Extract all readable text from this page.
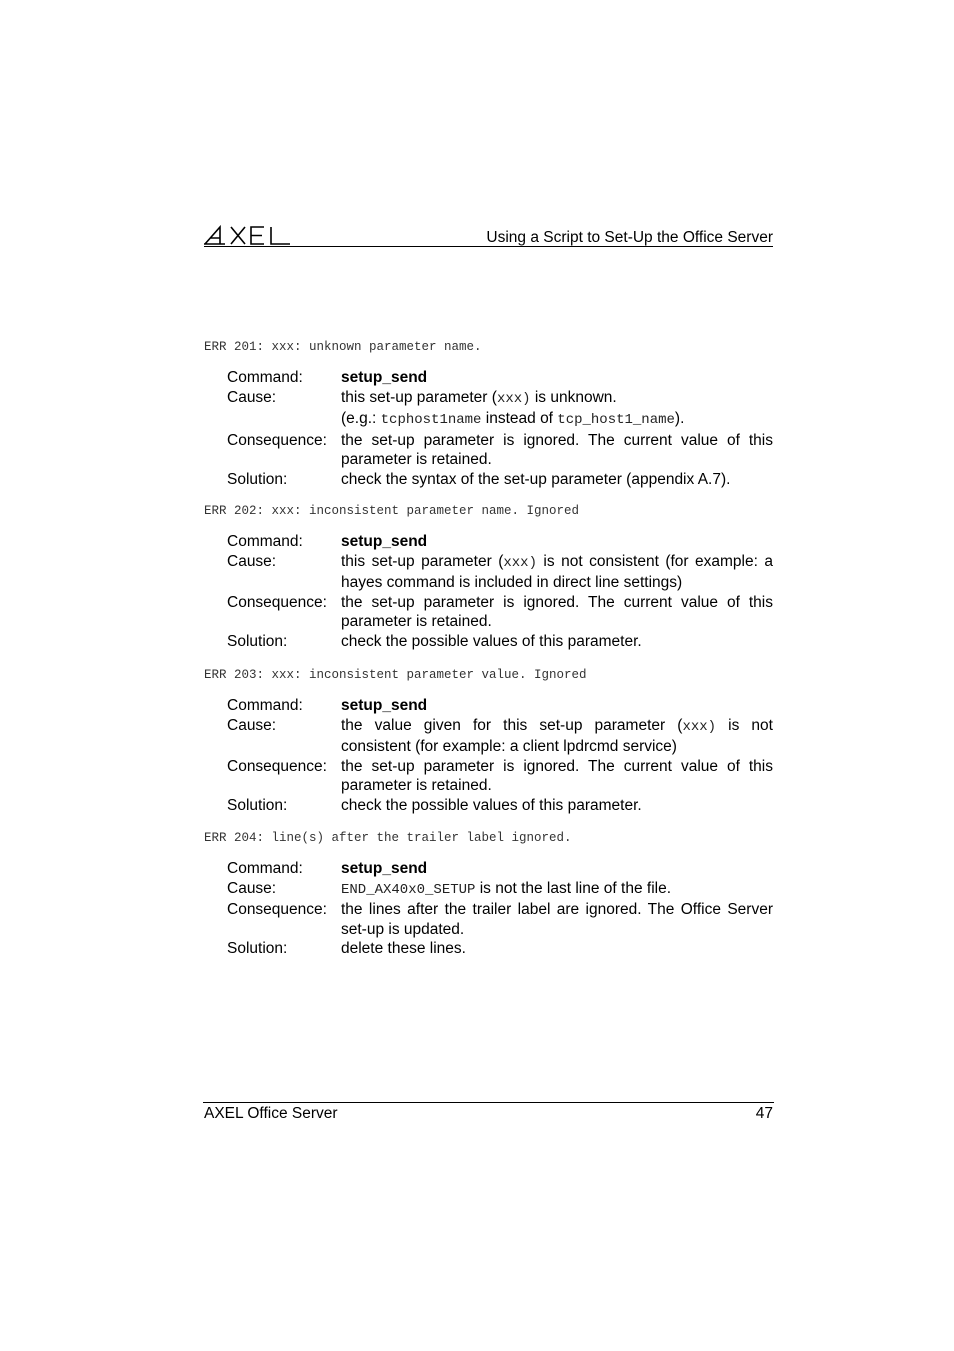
Using a Script to Set-Up the Office Server
ERR 201: xxx: unknown parameter name.
Command:	setup_send
Cause:	this set-up parameter (xxx) is unknown.
(e.g.: tcphost1name instead of tcp_host1_name).
Consequence: the set-up parameter is ignored. The current value of this parameter is retained.
Solution:	check the syntax of the set-up parameter (appendix A.7).
ERR 202: xxx: inconsistent parameter name. Ignored
Command:	setup_send
Cause:	this set-up parameter (xxx) is not consistent (for example: a hayes command is included in direct line settings)
Consequence: the set-up parameter is ignored. The current value of this parameter is retained.
Solution:	check the possible values of this parameter.
ERR 203: xxx: inconsistent parameter value. Ignored
Command:	setup_send
Cause:	the value given for this set-up parameter (xxx) is not consistent (for example: a client lpdrcmd service)
Consequence: the set-up parameter is ignored. The current value of this parameter is retained.
Solution:	check the possible values of this parameter.
ERR 204: line(s) after the trailer label ignored.
Command:	setup_send
Cause:	END_AX40x0_SETUP is not the last line of the file.
Consequence: the lines after the trailer label are ignored. The Office Server set-up is updated.
Solution:	delete these lines.
AXEL Office Server	47
